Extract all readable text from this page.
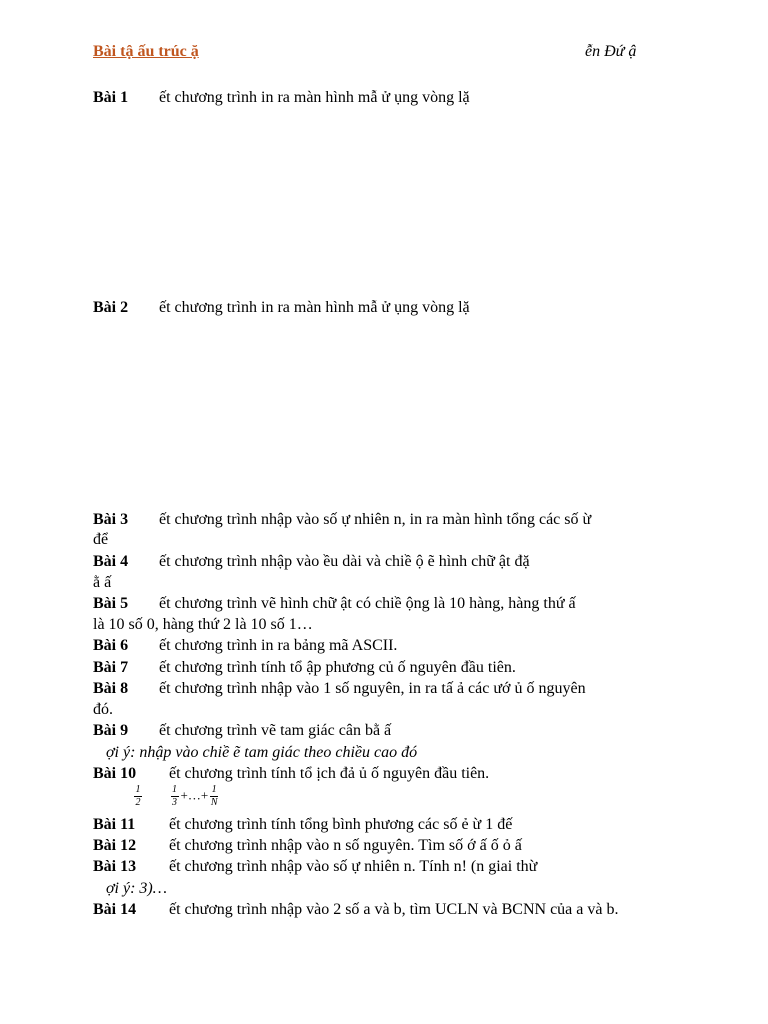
Bài tậ ấu trúc ặ	ễn Đứ ậ
Bài 1 ết chương trình in ra màn hình mẫ ử ụng vòng lặ
Bài 2 ết chương trình in ra màn hình mẫ ử ụng vòng lặ
Bài 3 ết chương trình nhập vào số ự nhiên n, in ra màn hình tổng các số ừ
để
Bài 4 ết chương trình nhập vào ều dài và chiề ộ ẽ hình chữ ật đặ
ằ ấ
Bài 5 ết chương trình vẽ hình chữ ật có chiề ộng là 10 hàng, hàng thứ ấ
là 10 số 0, hàng thứ 2 là 10 số 1…
Bài 6 ết chương trình in ra bảng mã ASCII.
Bài 7 ết chương trình tính tổ ập phương củ ố nguyên đầu tiên.
Bài 8 ết chương trình nhập vào 1 số nguyên, in ra tấ ả các ướ ủ ố nguyên
đó.
Bài 9 ết chương trình vẽ tam giác cân bằ ấ
ợi ý: nhập vào chiề ẽ tam giác theo chiều cao đó
Bài 10 ết chương trình tính tổ ịch đả ủ ố nguyên đầu tiên.
$\frac{1}{2}$
	$\frac{1}{3}$ +…+ $\frac{1}{N}$
Bài 11 ết chương trình tính tổng bình phương các số ẻ ừ 1 đế
Bài 12 ết chương trình nhập vào n số nguyên. Tìm số ớ ấ ố ỏ ấ
Bài 13 ết chương trình nhập vào số ự nhiên n. Tính n! (n giai thừ
ợi ý: 3)…
Bài 14 ết chương trình nhập vào 2 số a và b, tìm UCLN và BCNN của a và b.
